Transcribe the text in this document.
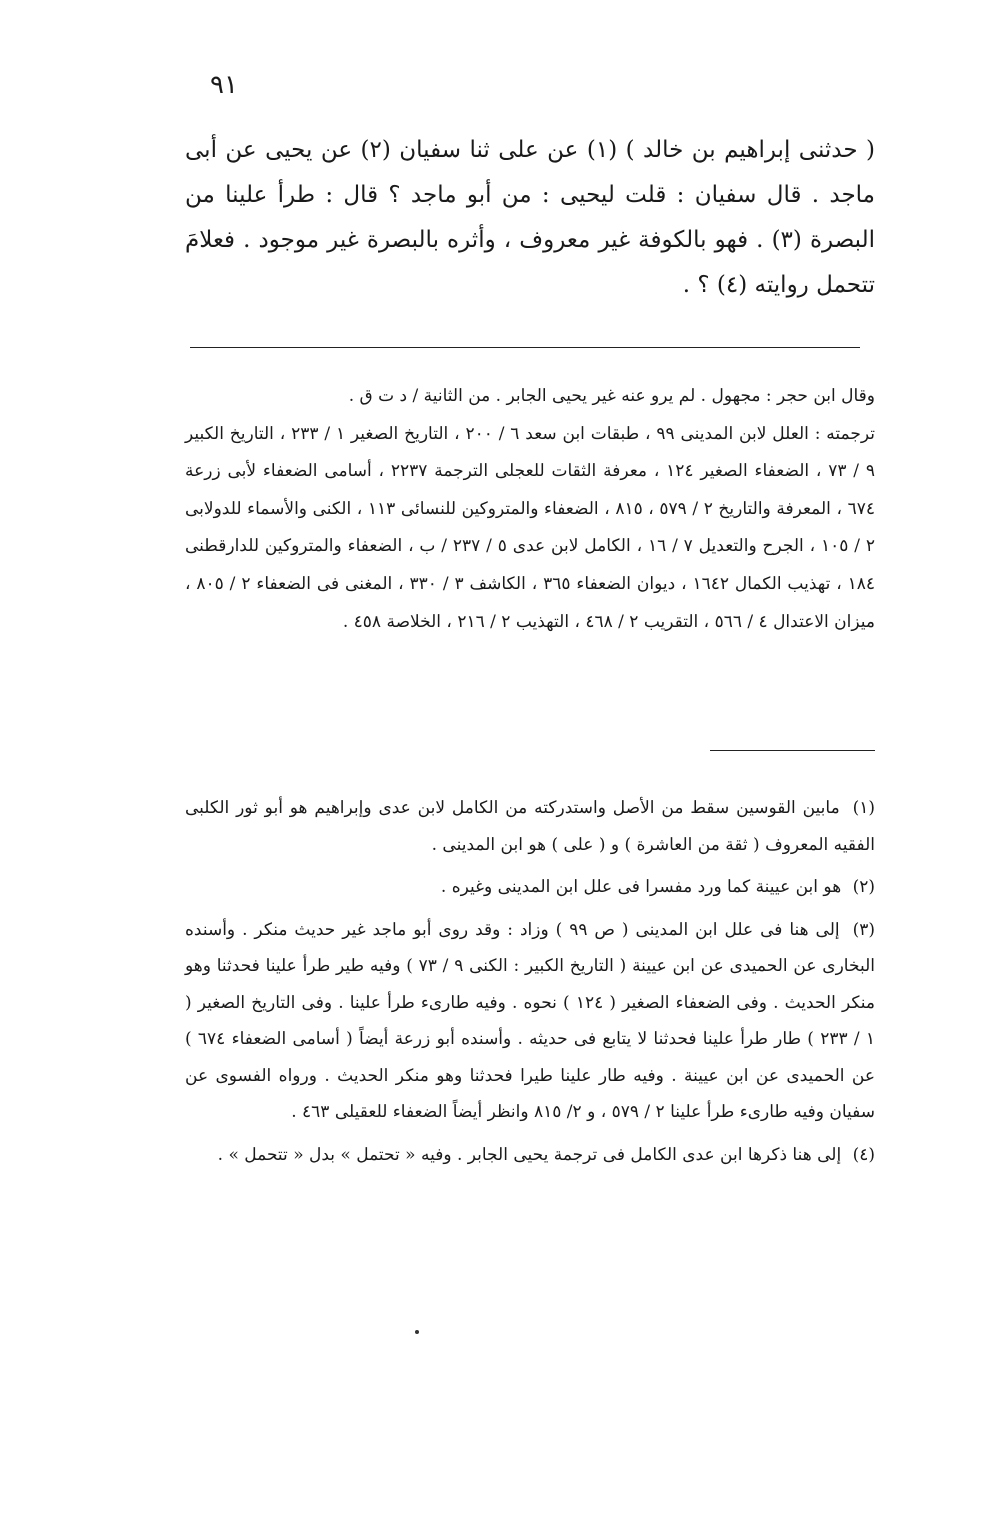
٩١

( حدثنى إبراهيم بن خالد ) (١) عن على ثنا سفيان (٢) عن يحيى عن أبى ماجد . قال سفيان : قلت ليحيى : من أبو ماجد ؟ قال : طرأ علينا من البصرة (٣) . فهو بالكوفة غير معروف ، وأثره بالبصرة غير موجود . فعلامَ تتحمل روايته (٤) ؟ .

وقال ابن حجر : مجهول . لم يرو عنه غير يحيى الجابر . من الثانية / د ت ق .

ترجمته : العلل لابن المدينى ٩٩ ، طبقات ابن سعد ٦ / ٢٠٠ ، التاريخ الصغير ١ / ٢٣٣ ، التاريخ الكبير ٩ / ٧٣ ، الضعفاء الصغير ١٢٤ ، معرفة الثقات للعجلى الترجمة ٢٢٣٧ ، أسامى الضعفاء لأبى زرعة ٦٧٤ ، المعرفة والتاريخ ٢ / ٥٧٩ ، ٨١٥ ، الضعفاء والمتروكين للنسائى ١١٣ ، الكنى والأسماء للدولابى ٢ / ١٠٥ ، الجرح والتعديل ٧ / ١٦ ، الكامل لابن عدى ٥ / ٢٣٧ / ب ، الضعفاء والمتروكين للدارقطنى ١٨٤ ، تهذيب الكمال ١٦٤٢ ، ديوان الضعفاء ٣٦٥ ، الكاشف ٣ / ٣٣٠ ، المغنى فى الضعفاء ٢ / ٨٠٥ ، ميزان الاعتدال ٤ / ٥٦٦ ، التقريب ٢ / ٤٦٨ ، التهذيب ٢ / ٢١٦ ، الخلاصة ٤٥٨ .

(١) مابين القوسين سقط من الأصل واستدركته من الكامل لابن عدى وإبراهيم هو أبو ثور الكلبى الفقيه المعروف ( ثقة من العاشرة ) و ( على ) هو ابن المدينى .

(٢) هو ابن عيينة كما ورد مفسرا فى علل ابن المدينى وغيره .

(٣) إلى هنا فى علل ابن المدينى ( ص ٩٩ ) وزاد : وقد روى أبو ماجد غير حديث منكر . وأسنده البخارى عن الحميدى عن ابن عيينة ( التاريخ الكبير : الكنى ٩ / ٧٣ ) وفيه طير طرأ علينا فحدثنا وهو منكر الحديث . وفى الضعفاء الصغير ( ١٢٤ ) نحوه . وفيه طارىء طرأ علينا . وفى التاريخ الصغير ( ١ / ٢٣٣ ) طار طرأ علينا فحدثنا لا يتابع فى حديثه . وأسنده أبو زرعة أيضاً ( أسامى الضعفاء ٦٧٤ ) عن الحميدى عن ابن عيينة . وفيه طار علينا طيرا فحدثنا وهو منكر الحديث . ورواه الفسوى عن سفيان وفيه طارىء طرأ علينا ٢ / ٥٧٩ ، و ٢/ ٨١٥ وانظر أيضاً الضعفاء للعقيلى ٤٦٣ .

(٤) إلى هنا ذكرها ابن عدى الكامل فى ترجمة يحيى الجابر . وفيه « تحتمل » بدل « تتحمل » .
